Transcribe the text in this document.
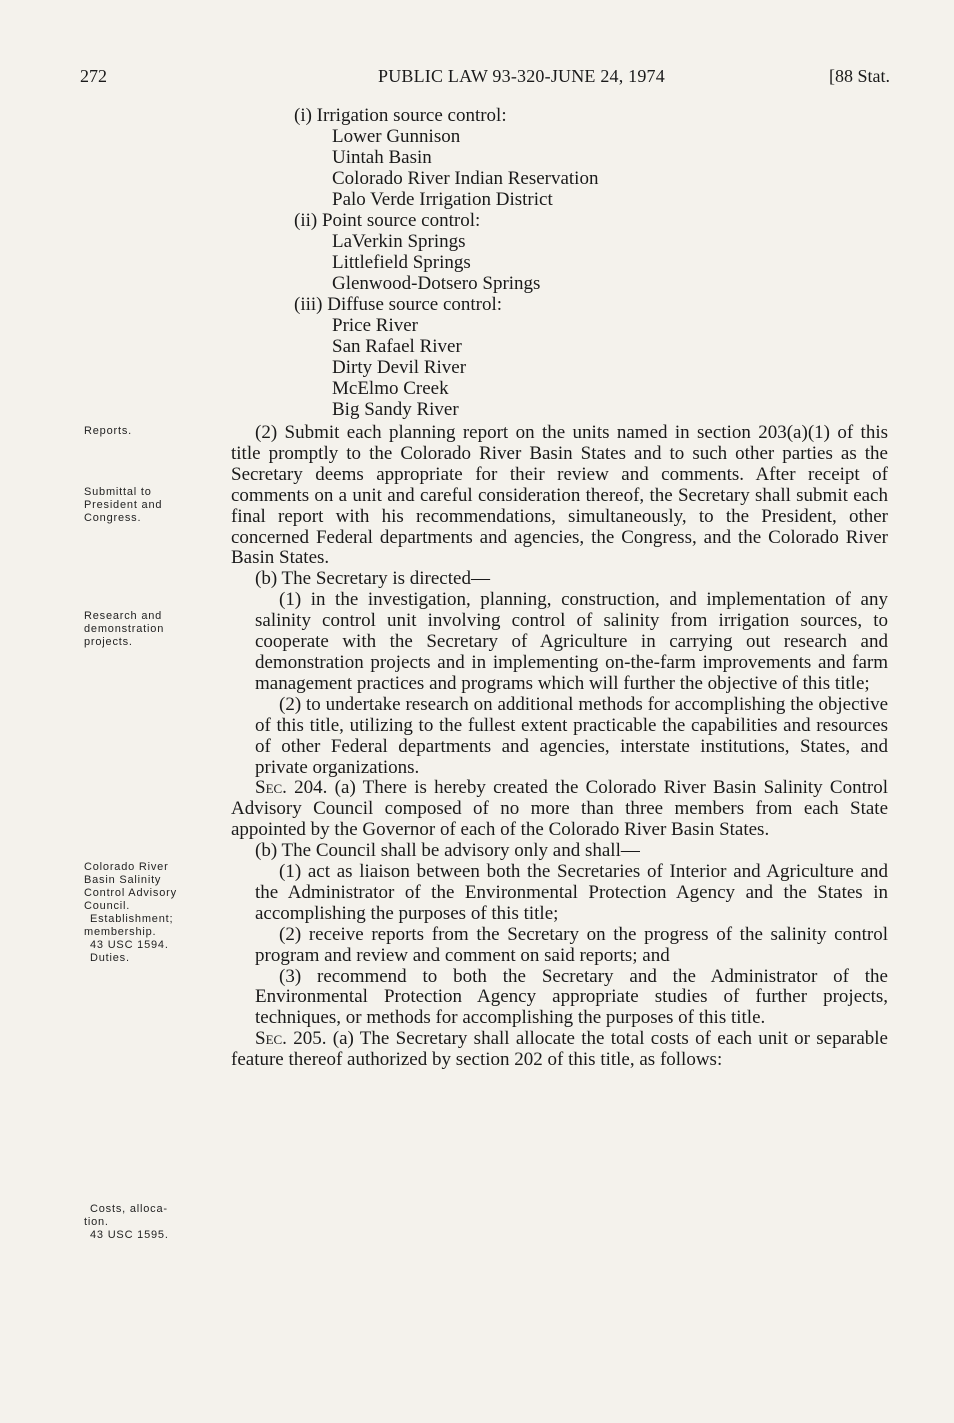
272	PUBLIC LAW 93-320-JUNE 24, 1974	[88 Stat.
(i) Irrigation source control:
Lower Gunnison
Uintah Basin
Colorado River Indian Reservation
Palo Verde Irrigation District
(ii) Point source control:
LaVerkin Springs
Littlefield Springs
Glenwood-Dotsero Springs
(iii) Diffuse source control:
Price River
San Rafael River
Dirty Devil River
McElmo Creek
Big Sandy River
Reports.
Submittal to
President and
Congress.
Research and
demonstration
projects.
Colorado River
Basin Salinity
Control Advisory
Council.
Establishment;
membership.
43 USC 1594.
Duties.
Costs, alloca-
tion.
43 USC 1595.

(2) Submit each planning report on the units named in section 203(a)(1) of this title promptly to the Colorado River Basin States and to such other parties as the Secretary deems appropriate for their review and comments. After receipt of comments on a unit and careful consideration thereof, the Secretary shall submit each final report with his recommendations, simultaneously, to the President, other concerned Federal departments and agencies, the Congress, and the Colorado River Basin States.

(b) The Secretary is directed—

(1) in the investigation, planning, construction, and implementation of any salinity control unit involving control of salinity from irrigation sources, to cooperate with the Secretary of Agriculture in carrying out research and demonstration projects and in implementing on-the-farm improvements and farm management practices and programs which will further the objective of this title;

(2) to undertake research on additional methods for accomplishing the objective of this title, utilizing to the fullest extent practicable the capabilities and resources of other Federal departments and agencies, interstate institutions, States, and private organizations.

Sec. 204. (a) There is hereby created the Colorado River Basin Salinity Control Advisory Council composed of no more than three members from each State appointed by the Governor of each of the Colorado River Basin States.

(b) The Council shall be advisory only and shall—

(1) act as liaison between both the Secretaries of Interior and Agriculture and the Administrator of the Environmental Protection Agency and the States in accomplishing the purposes of this title;

(2) receive reports from the Secretary on the progress of the salinity control program and review and comment on said reports; and

(3) recommend to both the Secretary and the Administrator of the Environmental Protection Agency appropriate studies of further projects, techniques, or methods for accomplishing the purposes of this title.

Sec. 205. (a) The Secretary shall allocate the total costs of each unit or separable feature thereof authorized by section 202 of this title, as follows:
